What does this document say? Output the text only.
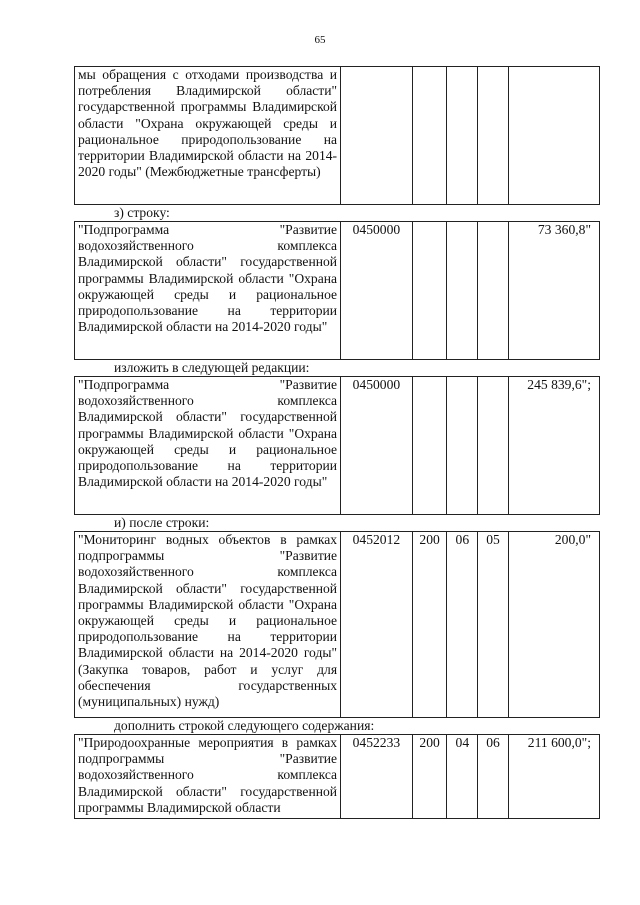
65
мы обращения с отходами производства и потребления Владимирской области" государственной программы Владимирской области "Охрана окружающей среды и рациональное природопользование на территории Владимирской области на 2014-2020 годы" (Межбюджетные трансферты)					
з) строку:
"Подпрограмма "Развитие водохозяйственного комплекса Владимирской области" государственной программы Владимирской области "Охрана окружающей среды и рациональное природопользование на территории Владимирской области на 2014-2020 годы"	0450000				73 360,8"
изложить в следующей редакции:
"Подпрограмма "Развитие водохозяйственного комплекса Владимирской области" государственной программы Владимирской области "Охрана окружающей среды и рациональное природопользование на территории Владимирской области на 2014-2020 годы"	0450000				245 839,6";
и) после строки:
"Мониторинг водных объектов в рамках подпрограммы "Развитие водохозяйственного комплекса Владимирской области" государственной программы Владимирской области "Охрана окружающей среды и рациональное природопользование на территории Владимирской области на 2014-2020 годы" (Закупка товаров, работ и услуг для обеспечения государственных (муниципальных) нужд)	0452012	200	06	05	200,0"
дополнить строкой следующего содержания:
"Природоохранные мероприятия в рамках подпрограммы "Развитие водохозяйственного комплекса Владимирской области" государственной программы Владимирской области	0452233	200	04	06	211 600,0";
